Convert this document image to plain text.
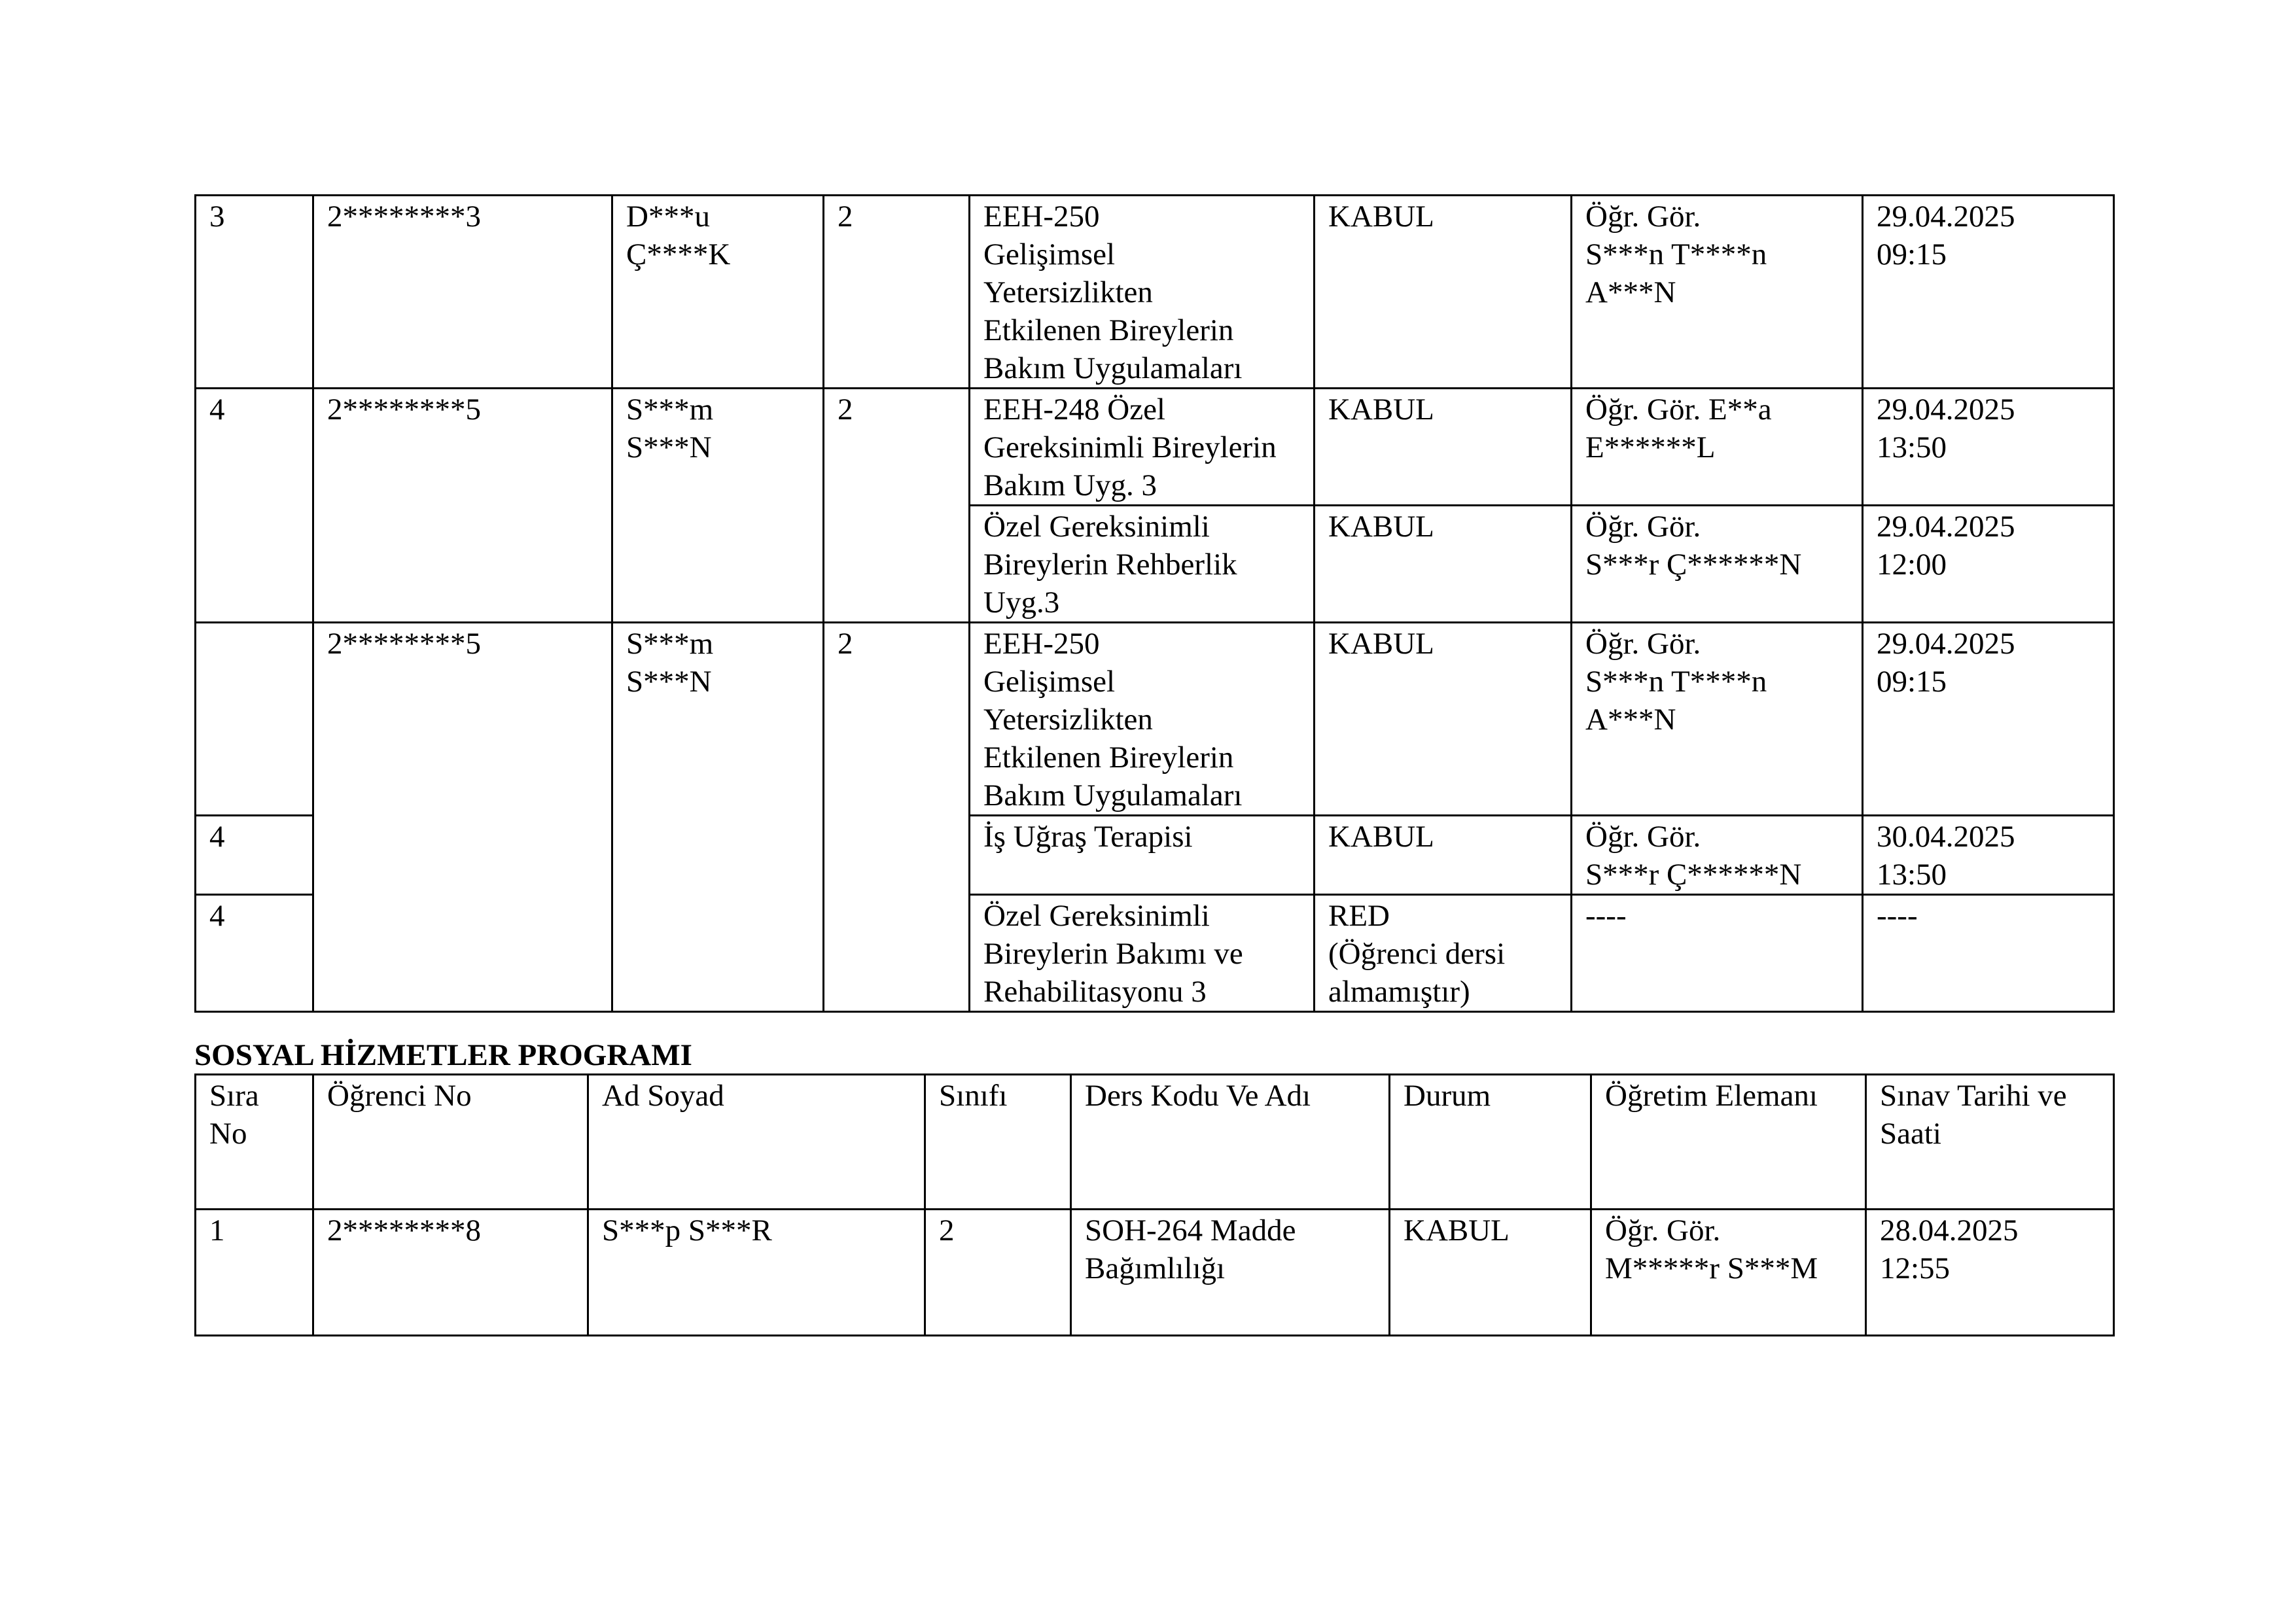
3	2********3	D***u
Ç****K	2	EEH-250
Gelişimsel
Yetersizlikten
Etkilenen Bireylerin
Bakım Uygulamaları	KABUL	Öğr. Gör.
S***n T****n
A***N	29.04.2025
09:15
4	2********5	S***m
S***N	2	EEH-248 Özel
Gereksinimli Bireylerin
Bakım Uyg. 3	KABUL	Öğr. Gör. E**a
E******L	29.04.2025
13:50
				Özel Gereksinimli
Bireylerin Rehberlik
Uyg.3	KABUL	Öğr. Gör.
S***r Ç******N	29.04.2025
12:00
	2********5	S***m
S***N	2	EEH-250
Gelişimsel
Yetersizlikten
Etkilenen Bireylerin
Bakım Uygulamaları	KABUL	Öğr. Gör.
S***n T****n
A***N	29.04.2025
09:15
4				İş Uğraş Terapisi	KABUL	Öğr. Gör.
S***r Ç******N	30.04.2025
13:50
4				Özel Gereksinimli
Bireylerin Bakımı ve
Rehabilitasyonu 3	RED
(Öğrenci dersi
almamıştır)	----	----
SOSYAL HİZMETLER PROGRAMI
Sıra
No	Öğrenci No	Ad Soyad	Sınıfı	Ders Kodu Ve Adı	Durum	Öğretim Elemanı	Sınav Tarihi ve
Saati
1	2********8	S***p S***R	2	SOH-264 Madde
Bağımlılığı	KABUL	Öğr. Gör.
M*****r S***M	28.04.2025
12:55
